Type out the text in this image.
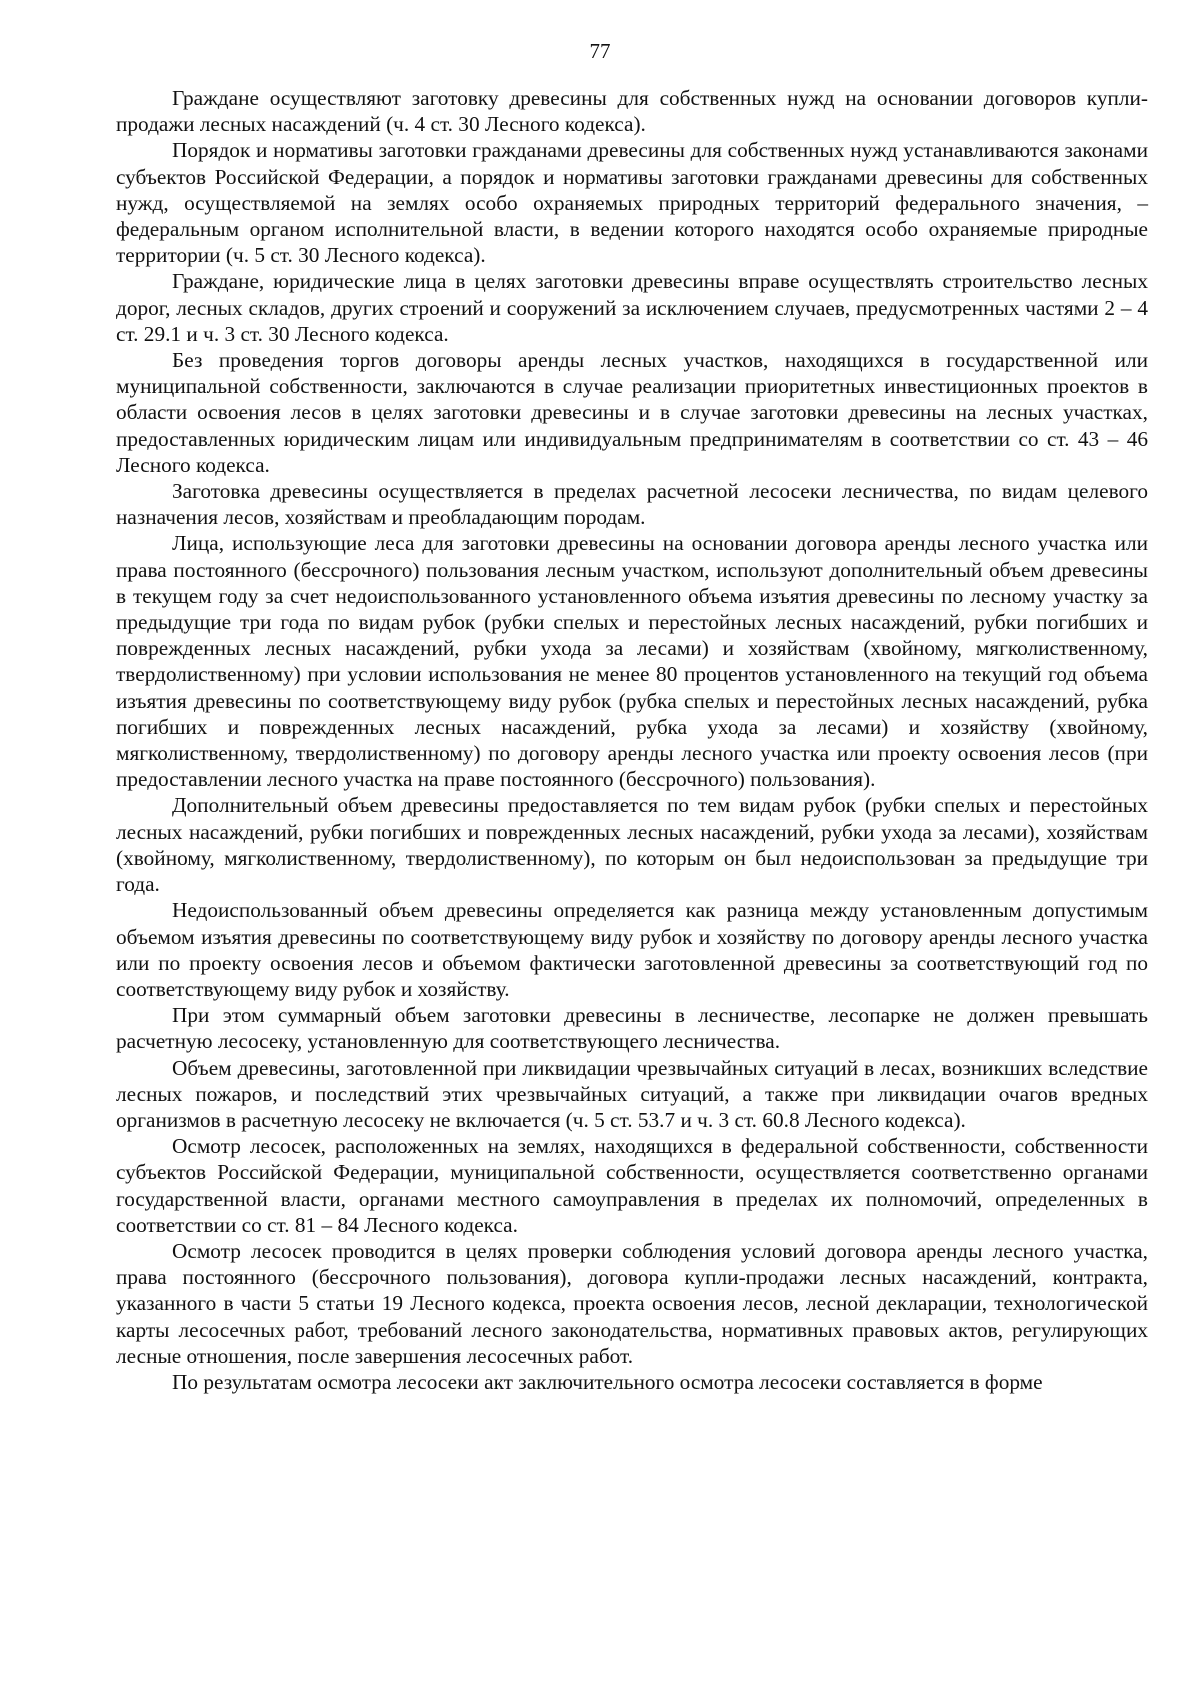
77

Граждане осуществляют заготовку древесины для собственных нужд на основании договоров купли-продажи лесных насаждений (ч. 4 ст. 30 Лесного кодекса).

Порядок и нормативы заготовки гражданами древесины для собственных нужд устанавливаются законами субъектов Российской Федерации, а порядок и нормативы заготовки гражданами древесины для собственных нужд, осуществляемой на землях особо охраняемых природных территорий федерального значения, – федеральным органом исполнительной власти, в ведении которого находятся особо охраняемые природные территории (ч. 5 ст. 30 Лесного кодекса).

Граждане, юридические лица в целях заготовки древесины вправе осуществлять строительство лесных дорог, лесных складов, других строений и сооружений за исключением случаев, предусмотренных частями 2 – 4 ст. 29.1 и ч. 3 ст. 30 Лесного кодекса.

Без проведения торгов договоры аренды лесных участков, находящихся в государственной или муниципальной собственности, заключаются в случае реализации приоритетных инвестиционных проектов в области освоения лесов в целях заготовки древесины и в случае заготовки древесины на лесных участках, предоставленных юридическим лицам или индивидуальным предпринимателям в соответствии со ст. 43 – 46 Лесного кодекса.

Заготовка древесины осуществляется в пределах расчетной лесосеки лесничества, по видам целевого назначения лесов, хозяйствам и преобладающим породам.

Лица, использующие леса для заготовки древесины на основании договора аренды лесного участка или права постоянного (бессрочного) пользования лесным участком, используют дополнительный объем древесины в текущем году за счет недоиспользованного установленного объема изъятия древесины по лесному участку за предыдущие три года по видам рубок (рубки спелых и перестойных лесных насаждений, рубки погибших и поврежденных лесных насаждений, рубки ухода за лесами) и хозяйствам (хвойному, мягколиственному, твердолиственному) при условии использования не менее 80 процентов установленного на текущий год объема изъятия древесины по соответствующему виду рубок (рубка спелых и перестойных лесных насаждений, рубка погибших и поврежденных лесных насаждений, рубка ухода за лесами) и хозяйству (хвойному, мягколиственному, твердолиственному) по договору аренды лесного участка или проекту освоения лесов (при предоставлении лесного участка на праве постоянного (бессрочного) пользования).

Дополнительный объем древесины предоставляется по тем видам рубок (рубки спелых и перестойных лесных насаждений, рубки погибших и поврежденных лесных насаждений, рубки ухода за лесами), хозяйствам (хвойному, мягколиственному, твердолиственному), по которым он был недоиспользован за предыдущие три года.

Недоиспользованный объем древесины определяется как разница между установленным допустимым объемом изъятия древесины по соответствующему виду рубок и хозяйству по договору аренды лесного участка или по проекту освоения лесов и объемом фактически заготовленной древесины за соответствующий год по соответствующему виду рубок и хозяйству.

При этом суммарный объем заготовки древесины в лесничестве, лесопарке не должен превышать расчетную лесосеку, установленную для соответствующего лесничества.

Объем древесины, заготовленной при ликвидации чрезвычайных ситуаций в лесах, возникших вследствие лесных пожаров, и последствий этих чрезвычайных ситуаций, а также при ликвидации очагов вредных организмов в расчетную лесосеку не включается (ч. 5 ст. 53.7 и ч. 3 ст. 60.8 Лесного кодекса).

Осмотр лесосек, расположенных на землях, находящихся в федеральной собственности, собственности субъектов Российской Федерации, муниципальной собственности, осуществляется соответственно органами государственной власти, органами местного самоуправления в пределах их полномочий, определенных в соответствии со ст. 81 – 84 Лесного кодекса.

Осмотр лесосек проводится в целях проверки соблюдения условий договора аренды лесного участка, права постоянного (бессрочного пользования), договора купли-продажи лесных насаждений, контракта, указанного в части 5 статьи 19 Лесного кодекса, проекта освоения лесов, лесной декларации, технологической карты лесосечных работ, требований лесного законодательства, нормативных правовых актов, регулирующих лесные отношения, после завершения лесосечных работ.

По результатам осмотра лесосеки акт заключительного осмотра лесосеки составляется в форме
